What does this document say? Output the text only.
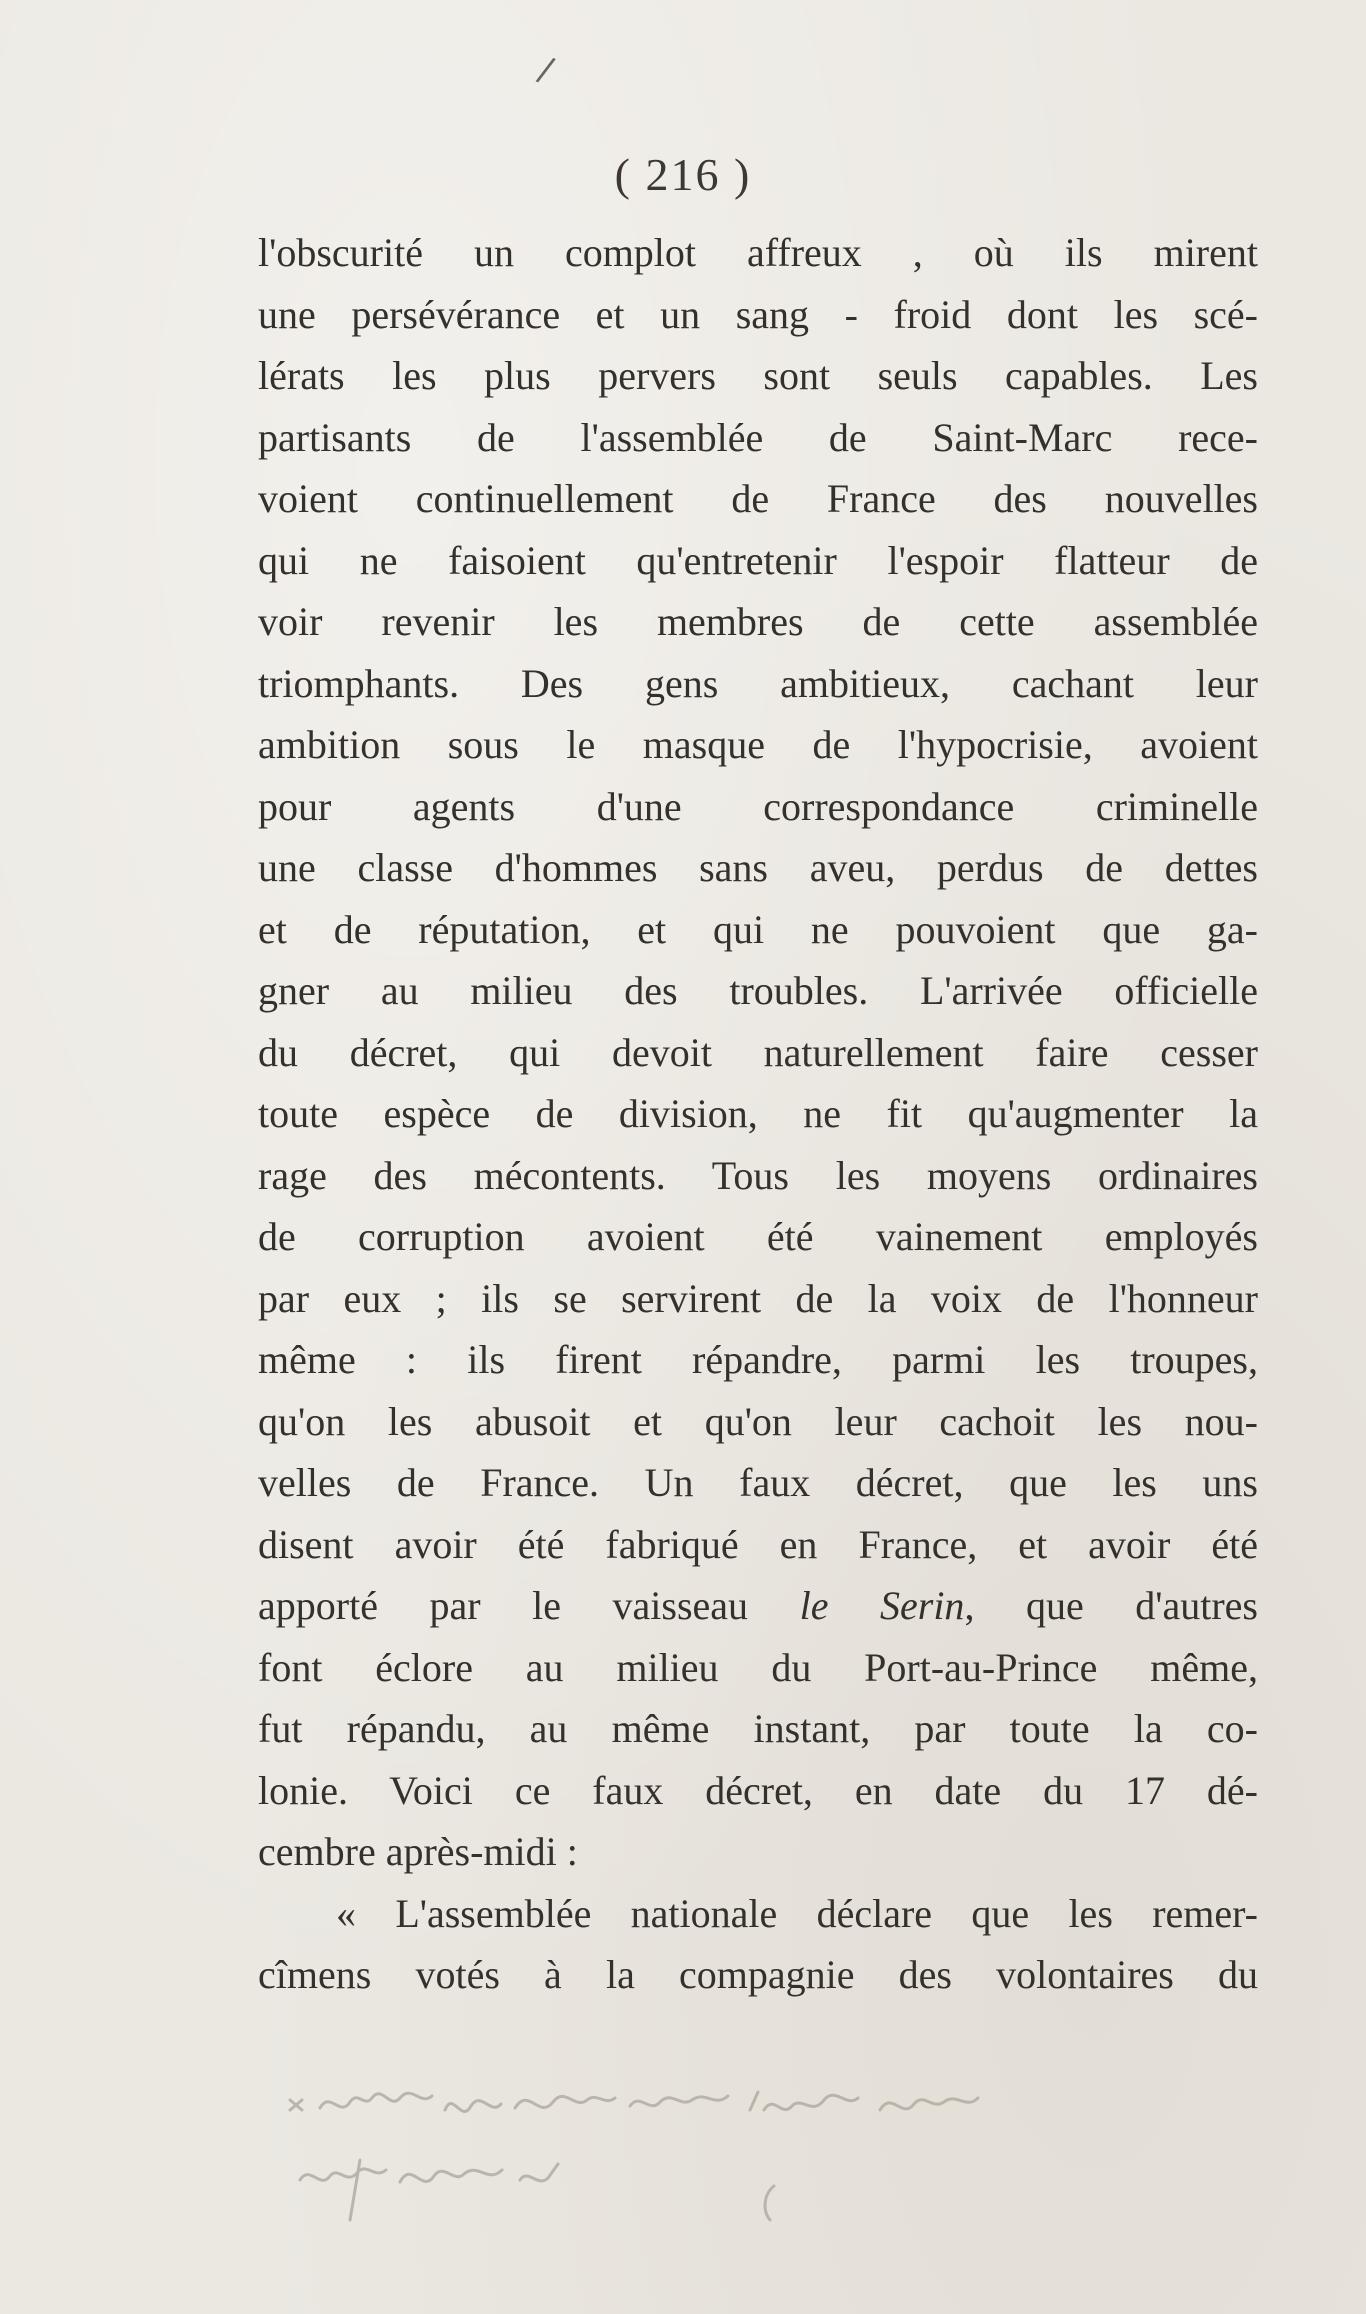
/
( 216 )
l'obscurité un complot affreux , où ils mirent
une persévérance et un sang - froid dont les scé-
lérats les plus pervers sont seuls capables. Les
partisants de l'assemblée de Saint-Marc rece-
voient continuellement de France des nouvelles
qui ne faisoient qu'entretenir l'espoir flatteur de
voir revenir les membres de cette assemblée
triomphants. Des gens ambitieux, cachant leur
ambition sous le masque de l'hypocrisie, avoient
pour agents d'une correspondance criminelle
une classe d'hommes sans aveu, perdus de dettes
et de réputation, et qui ne pouvoient que ga-
gner au milieu des troubles. L'arrivée officielle
du décret, qui devoit naturellement faire cesser
toute espèce de division, ne fit qu'augmenter la
rage des mécontents. Tous les moyens ordinaires
de corruption avoient été vainement employés
par eux ; ils se servirent de la voix de l'honneur
même : ils firent répandre, parmi les troupes,
qu'on les abusoit et qu'on leur cachoit les nou-
velles de France. Un faux décret, que les uns
disent avoir été fabriqué en France, et avoir été
apporté par le vaisseau le Serin, que d'autres
font éclore au milieu du Port-au-Prince même,
fut répandu, au même instant, par toute la co-
lonie. Voici ce faux décret, en date du 17 dé-
cembre après-midi :
« L'assemblée nationale déclare que les remer-
cîmens votés à la compagnie des volontaires du
